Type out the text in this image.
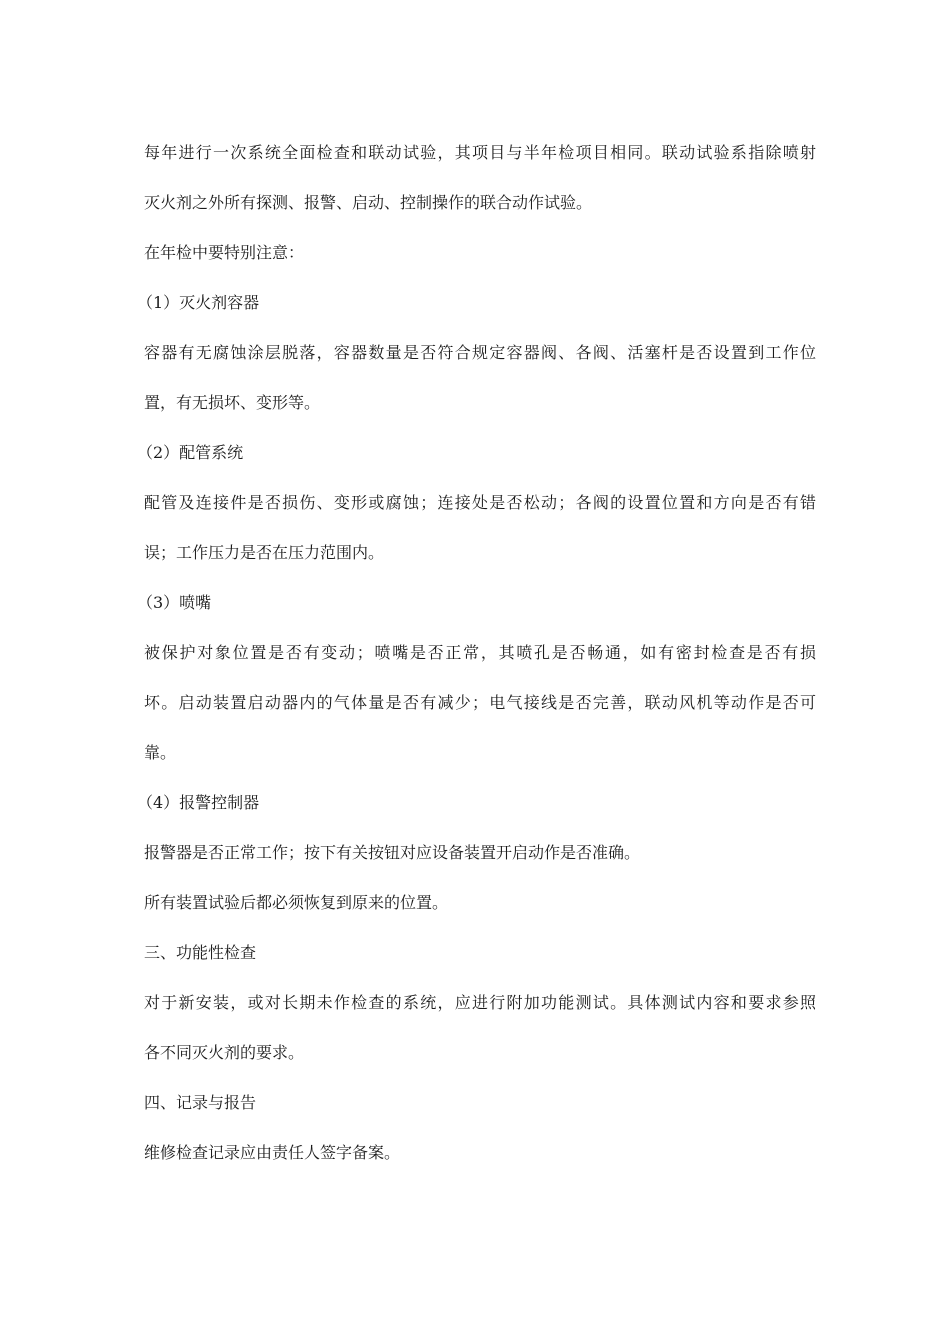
每年进行一次系统全面检查和联动试验，其项目与半年检项目相同。联动试验系指除喷射
灭火剂之外所有探测、报警、启动、控制操作的联合动作试验。
在年检中要特别注意：
（1）灭火剂容器
容器有无腐蚀涂层脱落，容器数量是否符合规定容器阀、各阀、活塞杆是否设置到工作位
置，有无损坏、变形等。
（2）配管系统
配管及连接件是否损伤、变形或腐蚀；连接处是否松动；各阀的设置位置和方向是否有错
误；工作压力是否在压力范围内。
（3）喷嘴
被保护对象位置是否有变动；喷嘴是否正常，其喷孔是否畅通，如有密封检查是否有损
坏。启动装置启动器内的气体量是否有减少；电气接线是否完善，联动风机等动作是否可
靠。
（4）报警控制器
报警器是否正常工作；按下有关按钮对应设备装置开启动作是否准确。
所有装置试验后都必须恢复到原来的位置。
三、功能性检查
对于新安装，或对长期未作检查的系统，应进行附加功能测试。具体测试内容和要求参照
各不同灭火剂的要求。
四、记录与报告
维修检查记录应由责任人签字备案。
